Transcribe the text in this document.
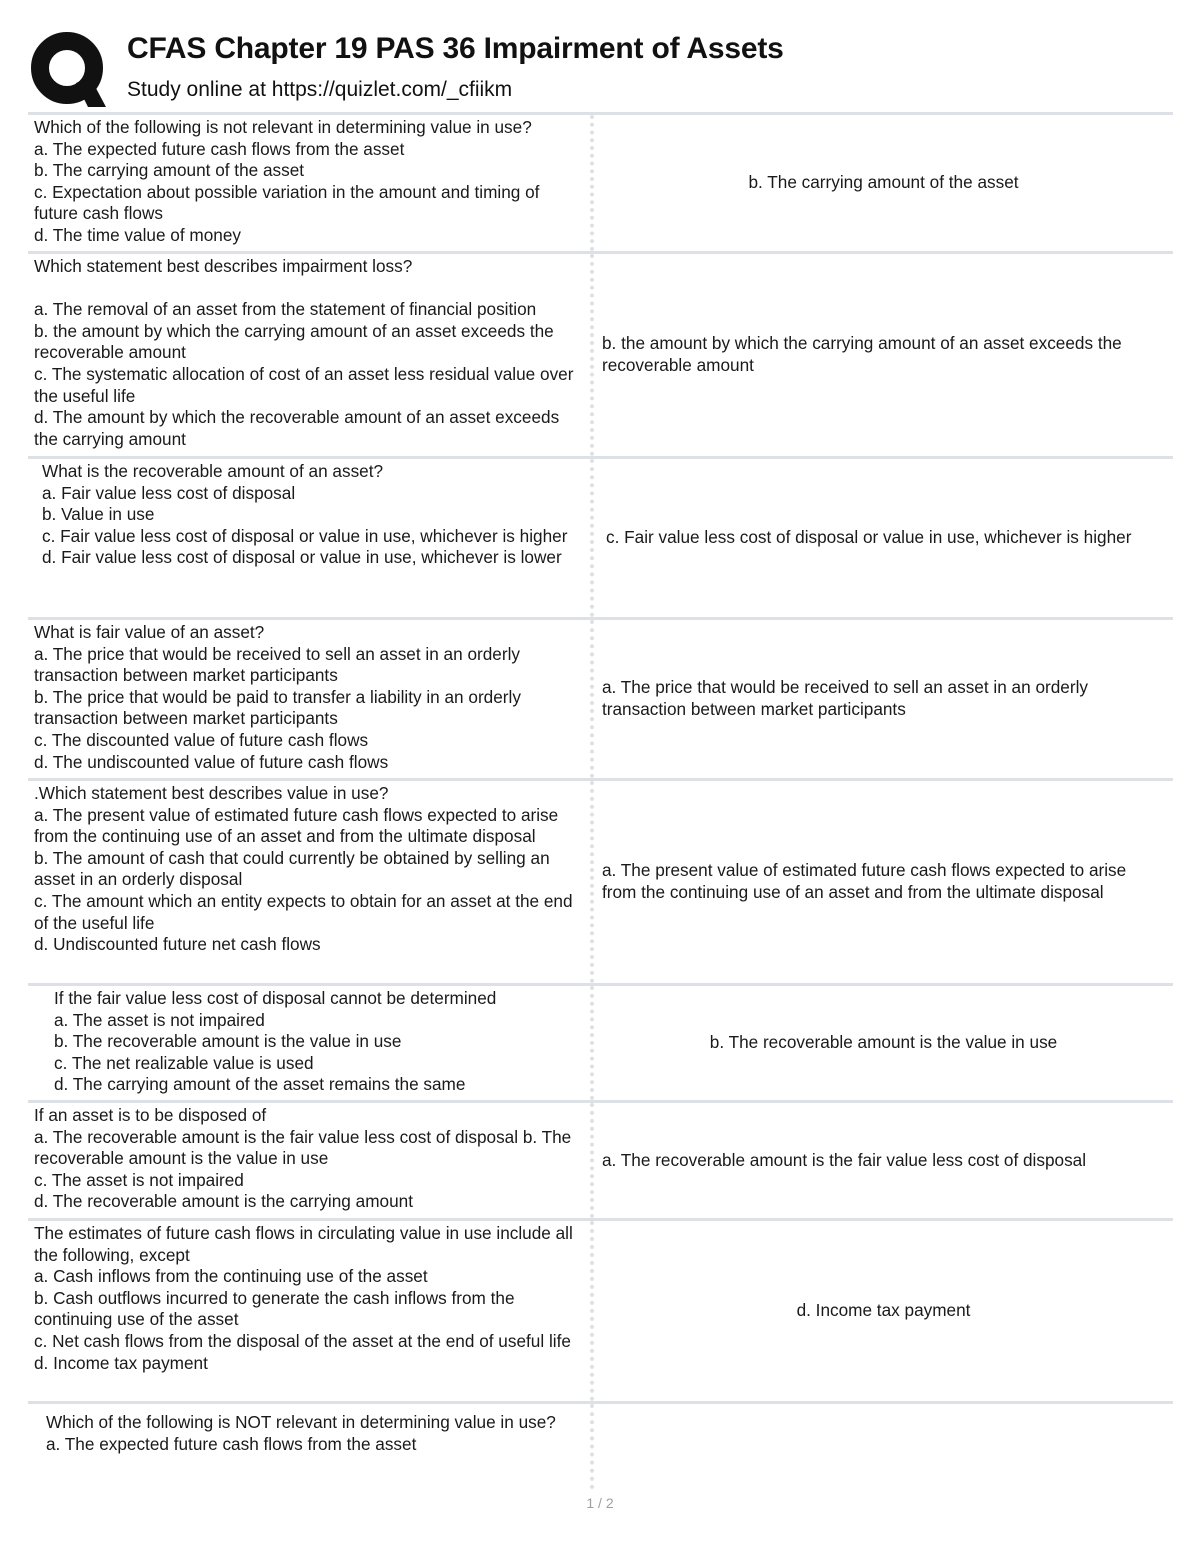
CFAS Chapter 19 PAS 36 Impairment of Assets
Study online at https://quizlet.com/_cfiikm
Which of the following is not relevant in determining value in use?
a. The expected future cash flows from the asset
b. The carrying amount of the asset
c. Expectation about possible variation in the amount and timing of future cash flows
d. The time value of money
b. The carrying amount of the asset
Which statement best describes impairment loss?

a. The removal of an asset from the statement of financial position
b. the amount by which the carrying amount of an asset exceeds the recoverable amount
c. The systematic allocation of cost of an asset less residual value over the useful life
d. The amount by which the recoverable amount of an asset exceeds the carrying amount
b. the amount by which the carrying amount of an asset exceeds the recoverable amount
What is the recoverable amount of an asset?
a. Fair value less cost of disposal
b. Value in use
c. Fair value less cost of disposal or value in use, whichever is higher
d. Fair value less cost of disposal or value in use, whichever is lower
c. Fair value less cost of disposal or value in use, whichever is higher
What is fair value of an asset?
a. The price that would be received to sell an asset in an orderly transaction between market participants
b. The price that would be paid to transfer a liability in an orderly transaction between market participants
c. The discounted value of future cash flows
d. The undiscounted value of future cash flows
a. The price that would be received to sell an asset in an orderly transaction between market participants
.Which statement best describes value in use?
a. The present value of estimated future cash flows expected to arise from the continuing use of an asset and from the ultimate disposal
b. The amount of cash that could currently be obtained by selling an asset in an orderly disposal
c. The amount which an entity expects to obtain for an asset at the end of the useful life
d. Undiscounted future net cash flows
a. The present value of estimated future cash flows expected to arise from the continuing use of an asset and from the ultimate disposal
If the fair value less cost of disposal cannot be determined
a. The asset is not impaired
b. The recoverable amount is the value in use
c. The net realizable value is used
d. The carrying amount of the asset remains the same
b. The recoverable amount is the value in use
If an asset is to be disposed of
a. The recoverable amount is the fair value less cost of disposal b. The recoverable amount is the value in use
c. The asset is not impaired
d. The recoverable amount is the carrying amount
a. The recoverable amount is the fair value less cost of disposal
The estimates of future cash flows in circulating value in use include all the following, except
a. Cash inflows from the continuing use of the asset
b. Cash outflows incurred to generate the cash inflows from the continuing use of the asset
c. Net cash flows from the disposal of the asset at the end of useful life
d. Income tax payment
d. Income tax payment
Which of the following is NOT relevant in determining value in use?
a. The expected future cash flows from the asset
1 / 2
